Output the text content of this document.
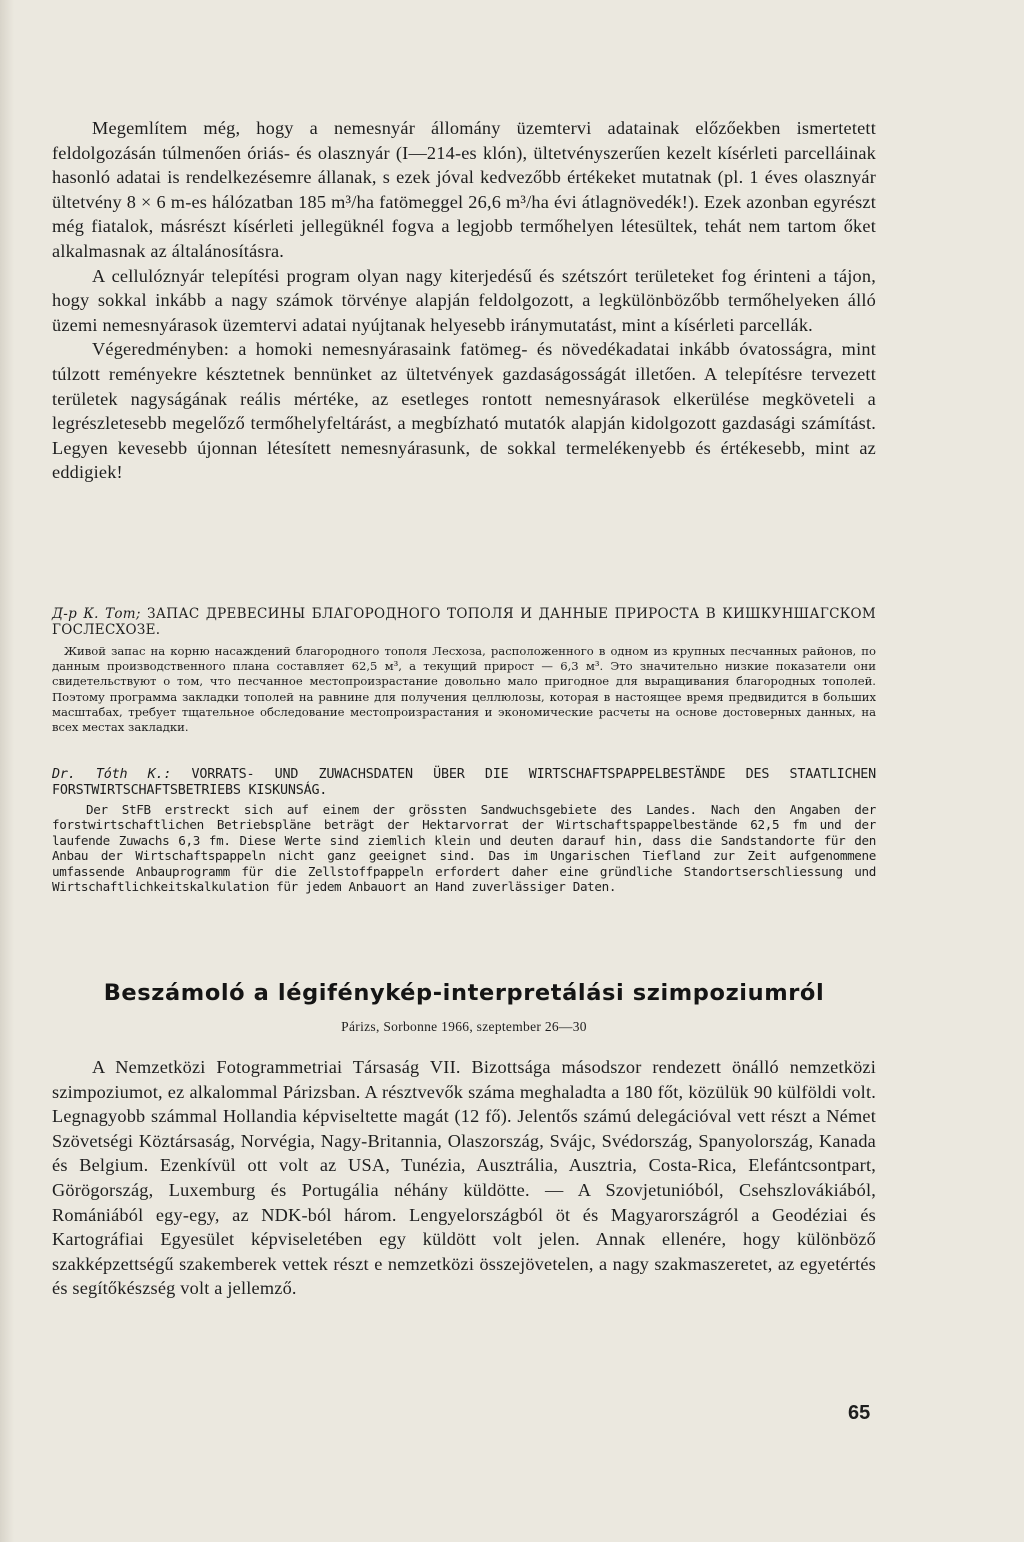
Megemlítem még, hogy a nemesnyár állomány üzemtervi adatainak előzőekben ismertetett feldolgozásán túlmenően óriás- és olasznyár (I—214-es klón), ültetvényszerűen kezelt kísérleti parcelláinak hasonló adatai is rendelkezésemre állanak, s ezek jóval kedvezőbb értékeket mutatnak (pl. 1 éves olasznyár ültetvény 8 × 6 m-es hálózatban 185 m³/ha fatömeggel 26,6 m³/ha évi átlagnövedék!). Ezek azonban egyrészt még fiatalok, másrészt kísérleti jellegüknél fogva a legjobb termőhelyen létesültek, tehát nem tartom őket alkalmasnak az általánosításra.

A cellulóznyár telepítési program olyan nagy kiterjedésű és szétszórt területeket fog érinteni a tájon, hogy sokkal inkább a nagy számok törvénye alapján feldolgozott, a legkülönbözőbb termőhelyeken álló üzemi nemesnyárasok üzemtervi adatai nyújtanak helyesebb iránymutatást, mint a kísérleti parcellák.

Végeredményben: a homoki nemesnyárasaink fatömeg- és növedékadatai inkább óvatosságra, mint túlzott reményekre késztetnek bennünket az ültetvények gazdaságosságát illetően. A telepítésre tervezett területek nagyságának reális mértéke, az esetleges rontott nemesnyárasok elkerülése megköveteli a legrészletesebb megelőző termőhelyfeltárást, a megbízható mutatók alapján kidolgozott gazdasági számítást. Legyen kevesebb újonnan létesített nemesnyárasunk, de sokkal termelékenyebb és értékesebb, mint az eddigiek!

Д-р К. Тот; ЗАПАС ДРЕВЕСИНЫ БЛАГОРОДНОГО ТОПОЛЯ И ДАННЫЕ ПРИРОСТА В КИШКУНШАГСКОМ ГОСЛЕСХОЗЕ.

Живой запас на корню насаждений благородного тополя Лесхоза, расположенного в одном из крупных песчанных районов, по данным производственного плана составляет 62,5 м³, а текущий прирост — 6,3 м³. Это значительно низкие показатели они свидетельствуют о том, что песчанное местопроизрастание довольно мало пригодное для выращивания благородных тополей. Поэтому программа закладки тополей на равнине для получения целлюлозы, которая в настоящее время предвидится в больших масштабах, требует тщательное обследование местопроизрастания и экономические расчеты на основе достоверных данных, на всех местах закладки.

Dr. Tóth K.: VORRATS- UND ZUWACHSDATEN ÜBER DIE WIRTSCHAFTSPAPPELBESTÄNDE DES STAATLICHEN FORSTWIRTSCHAFTSBETRIEBS KISKUNSÁG.

Der StFB erstreckt sich auf einem der grössten Sandwuchsgebiete des Landes. Nach den Angaben der forstwirtschaftlichen Betriebspläne beträgt der Hektarvorrat der Wirtschaftspappelbestände 62,5 fm und der laufende Zuwachs 6,3 fm. Diese Werte sind ziemlich klein und deuten darauf hin, dass die Sandstandorte für den Anbau der Wirtschaftspappeln nicht ganz geeignet sind. Das im Ungarischen Tiefland zur Zeit aufgenommene umfassende Anbauprogramm für die Zellstoffpappeln erfordert daher eine gründliche Standortserschliessung und Wirtschaftlichkeitskalkulation für jedem Anbauort an Hand zuverlässiger Daten.

Beszámoló a légifénykép-interpretálási szimpoziumról

Párizs, Sorbonne 1966, szeptember 26—30

A Nemzetközi Fotogrammetriai Társaság VII. Bizottsága másodszor rendezett önálló nemzetközi szimpoziumot, ez alkalommal Párizsban. A résztvevők száma meghaladta a 180 főt, közülük 90 külföldi volt. Legnagyobb számmal Hollandia képviseltette magát (12 fő). Jelentős számú delegációval vett részt a Német Szövetségi Köztársaság, Norvégia, Nagy-Britannia, Olaszország, Svájc, Svédország, Spanyolország, Kanada és Belgium. Ezenkívül ott volt az USA, Tunézia, Ausztrália, Ausztria, Costa-Rica, Elefántcsontpart, Görögország, Luxemburg és Portugália néhány küldötte. — A Szovjetunióból, Csehszlovákiából, Romániából egy-egy, az NDK-ból három. Lengyelországból öt és Magyarországról a Geodéziai és Kartográfiai Egyesület képviseletében egy küldött volt jelen. Annak ellenére, hogy különböző szakképzettségű szakemberek vettek részt e nemzetközi összejövetelen, a nagy szakmaszeretet, az egyetértés és segítőkészség volt a jellemző.

65
